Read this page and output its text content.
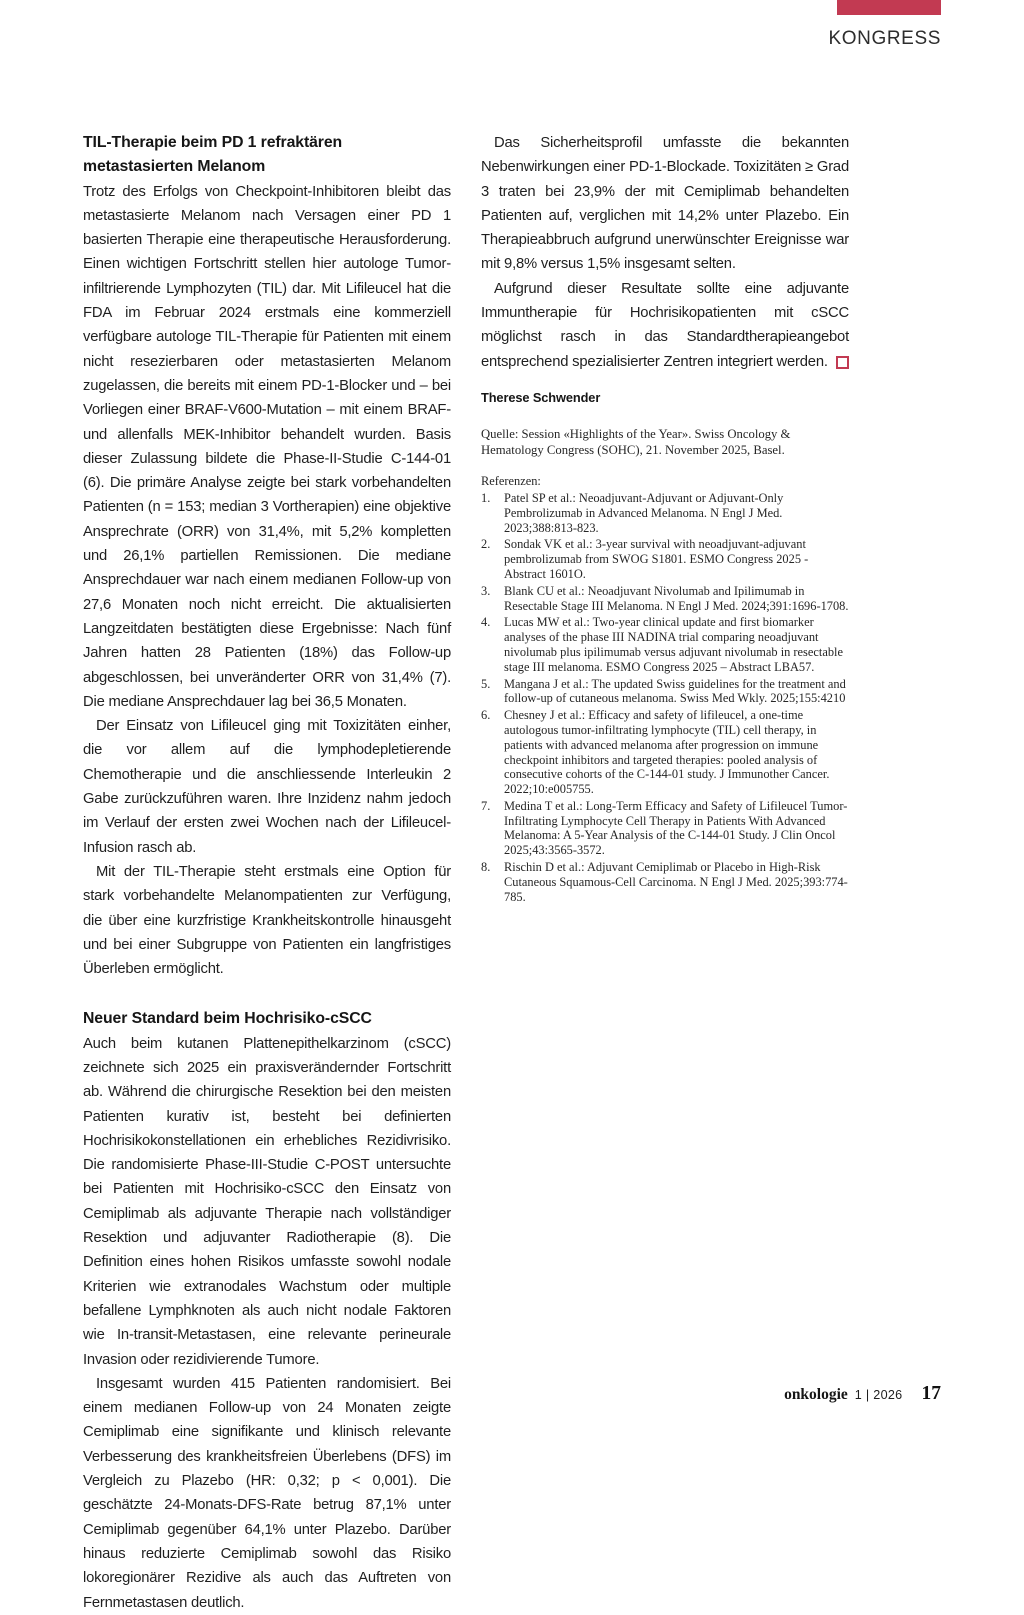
KONGRESS
TIL-Therapie beim PD 1 refraktären metastasierten Melanom

Trotz des Erfolgs von Checkpoint-Inhibitoren bleibt das metastasierte Melanom nach Versagen einer PD 1 basierten Therapie eine therapeutische Herausforderung. Einen wichtigen Fortschritt stellen hier autologe Tumor-infiltrierende Lymphozyten (TIL) dar. Mit Lifileucel hat die FDA im Februar 2024 erstmals eine kommerziell verfügbare autologe TIL-Therapie für Patienten mit einem nicht resezierbaren oder metastasierten Melanom zugelassen, die bereits mit einem PD-1-Blocker und – bei Vorliegen einer BRAF-V600-Mutation – mit einem BRAF- und allenfalls MEK-Inhibitor behandelt wurden. Basis dieser Zulassung bildete die Phase-II-Studie C-144-01 (6). Die primäre Analyse zeigte bei stark vorbehandelten Patienten (n = 153; median 3 Vortherapien) eine objektive Ansprechrate (ORR) von 31,4%, mit 5,2% kompletten und 26,1% partiellen Remissionen. Die mediane Ansprechdauer war nach einem medianen Follow-up von 27,6 Monaten noch nicht erreicht. Die aktualisierten Langzeitdaten bestätigten diese Ergebnisse: Nach fünf Jahren hatten 28 Patienten (18%) das Follow-up abgeschlossen, bei unveränderter ORR von 31,4% (7). Die mediane Ansprechdauer lag bei 36,5 Monaten.

Der Einsatz von Lifileucel ging mit Toxizitäten einher, die vor allem auf die lymphodepletierende Chemotherapie und die anschliessende Interleukin 2 Gabe zurückzuführen waren. Ihre Inzidenz nahm jedoch im Verlauf der ersten zwei Wochen nach der Lifileucel-Infusion rasch ab.

Mit der TIL-Therapie steht erstmals eine Option für stark vorbehandelte Melanompatienten zur Verfügung, die über eine kurzfristige Krankheitskontrolle hinausgeht und bei einer Subgruppe von Patienten ein langfristiges Überleben ermöglicht.

Neuer Standard beim Hochrisiko-cSCC

Auch beim kutanen Plattenepithelkarzinom (cSCC) zeichnete sich 2025 ein praxisverändernder Fortschritt ab. Während die chirurgische Resektion bei den meisten Patienten kurativ ist, besteht bei definierten Hochrisikokonstellationen ein erhebliches Rezidivrisiko. Die randomisierte Phase-III-Studie C-POST untersuchte bei Patienten mit Hochrisiko-cSCC den Einsatz von Cemiplimab als adjuvante Therapie nach vollständiger Resektion und adjuvanter Radiotherapie (8). Die Definition eines hohen Risikos umfasste sowohl nodale Kriterien wie extranodales Wachstum oder multiple befallene Lymphknoten als auch nicht nodale Faktoren wie In-transit-Metastasen, eine relevante perineurale Invasion oder rezidivierende Tumore.

Insgesamt wurden 415 Patienten randomisiert. Bei einem medianen Follow-up von 24 Monaten zeigte Cemiplimab eine signifikante und klinisch relevante Verbesserung des krankheitsfreien Überlebens (DFS) im Vergleich zu Plazebo (HR: 0,32; p < 0,001). Die geschätzte 24-Monats-DFS-Rate betrug 87,1% unter Cemiplimab gegenüber 64,1% unter Plazebo. Darüber hinaus reduzierte Cemiplimab sowohl das Risiko lokoregionärer Rezidive als auch das Auftreten von Fernmetastasen deutlich.

Das Sicherheitsprofil umfasste die bekannten Nebenwirkungen einer PD-1-Blockade. Toxizitäten ≥ Grad 3 traten bei 23,9% der mit Cemiplimab behandelten Patienten auf, verglichen mit 14,2% unter Plazebo. Ein Therapieabbruch aufgrund unerwünschter Ereignisse war mit 9,8% versus 1,5% insgesamt selten.

Aufgrund dieser Resultate sollte eine adjuvante Immuntherapie für Hochrisikopatienten mit cSCC möglichst rasch in das Standardtherapieangebot entsprechend spezialisierter Zentren integriert werden.

Therese Schwender
Quelle: Session «Highlights of the Year». Swiss Oncology & Hematology Congress (SOHC), 21. November 2025, Basel.
Referenzen:
1.	Patel SP et al.: Neoadjuvant-Adjuvant or Adjuvant-Only Pembrolizumab in Advanced Melanoma. N Engl J Med. 2023;388:813-823.
2.	Sondak VK et al.: 3-year survival with neoadjuvant-adjuvant pembrolizumab from SWOG S1801. ESMO Congress 2025 - Abstract 1601O.
3.	Blank CU et al.: Neoadjuvant Nivolumab and Ipilimumab in Resectable Stage III Melanoma. N Engl J Med. 2024;391:1696-1708.
4.	Lucas MW et al.: Two-year clinical update and first biomarker analyses of the phase III NADINA trial comparing neoadjuvant nivolumab plus ipilimumab versus adjuvant nivolumab in resectable stage III melanoma. ESMO Congress 2025 – Abstract LBA57.
5.	Mangana J et al.: The updated Swiss guidelines for the treatment and follow-up of cutaneous melanoma. Swiss Med Wkly. 2025;155:4210
6.	Chesney J et al.: Efficacy and safety of lifileucel, a one-time autologous tumor-infiltrating lymphocyte (TIL) cell therapy, in patients with advanced melanoma after progression on immune checkpoint inhibitors and targeted therapies: pooled analysis of consecutive cohorts of the C-144-01 study. J Immunother Cancer. 2022;10:e005755.
7.	Medina T et al.: Long-Term Efficacy and Safety of Lifileucel Tumor-Infiltrating Lymphocyte Cell Therapy in Patients With Advanced Melanoma: A 5-Year Analysis of the C-144-01 Study. J Clin Oncol 2025;43:3565-3572.
8.	Rischin D et al.: Adjuvant Cemiplimab or Placebo in High-Risk Cutaneous Squamous-Cell Carcinoma. N Engl J Med. 2025;393:774-785.
onkologie 1 | 2026 17
